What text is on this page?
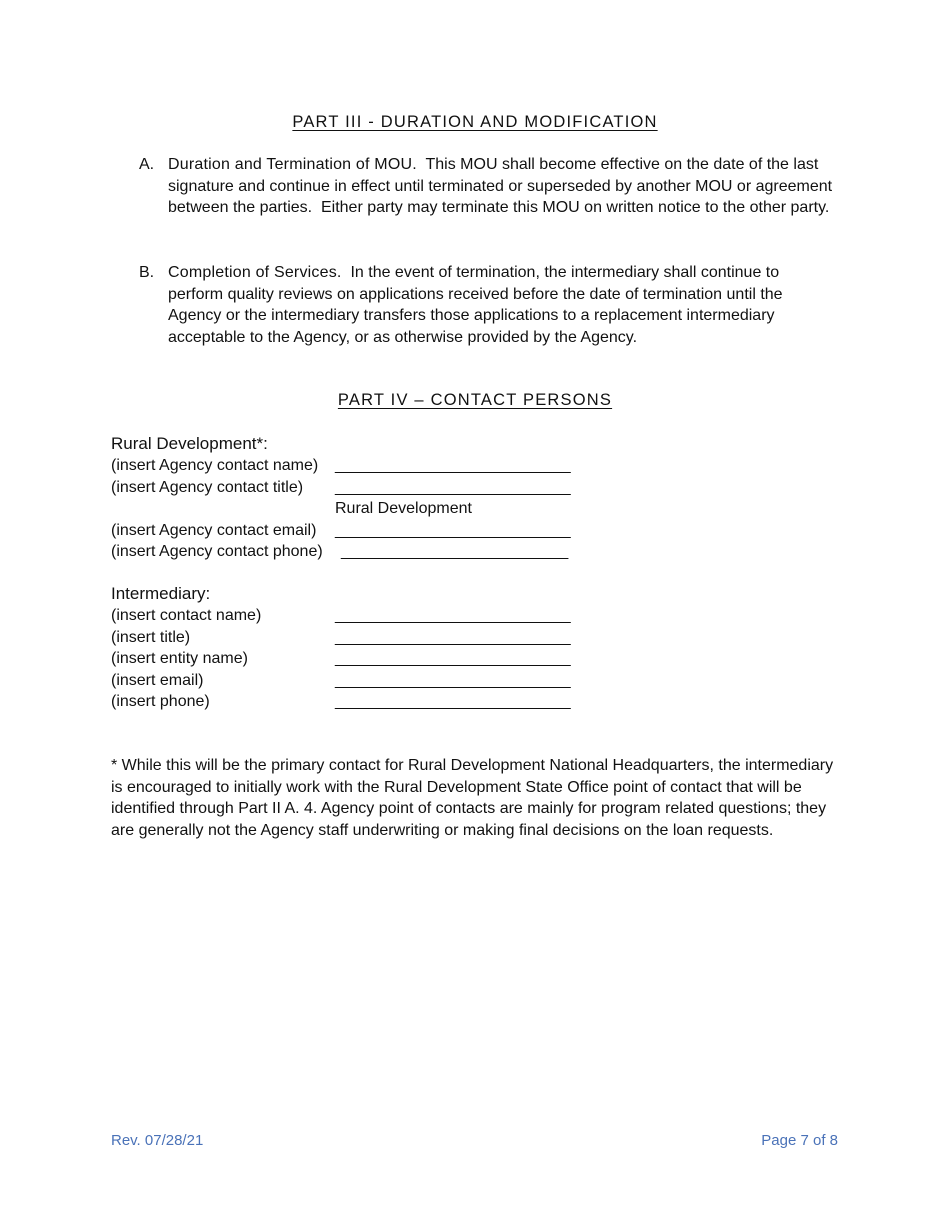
PART III - DURATION AND MODIFICATION
A. Duration and Termination of MOU.  This MOU shall become effective on the date of the last signature and continue in effect until terminated or superseded by another MOU or agreement between the parties.  Either party may terminate this MOU on written notice to the other party.
B. Completion of Services.  In the event of termination, the intermediary shall continue to perform quality reviews on applications received before the date of termination until the Agency or the intermediary transfers those applications to a replacement intermediary acceptable to the Agency, or as otherwise provided by the Agency.
PART IV – CONTACT PERSONS
Rural Development*:
(insert Agency contact name) ____________________________
(insert Agency contact title) ____________________________
Rural Development
(insert Agency contact email) ____________________________
(insert Agency contact phone) ___________________________
Intermediary:
(insert contact name)	____________________________
(insert title)	____________________________
(insert entity name)	____________________________
(insert email)	____________________________
(insert phone)	____________________________
* While this will be the primary contact for Rural Development National Headquarters, the intermediary is encouraged to initially work with the Rural Development State Office point of contact that will be identified through Part II A. 4. Agency point of contacts are mainly for program related questions; they are generally not the Agency staff underwriting or making final decisions on the loan requests.
Rev. 07/28/21	Page 7 of 8
